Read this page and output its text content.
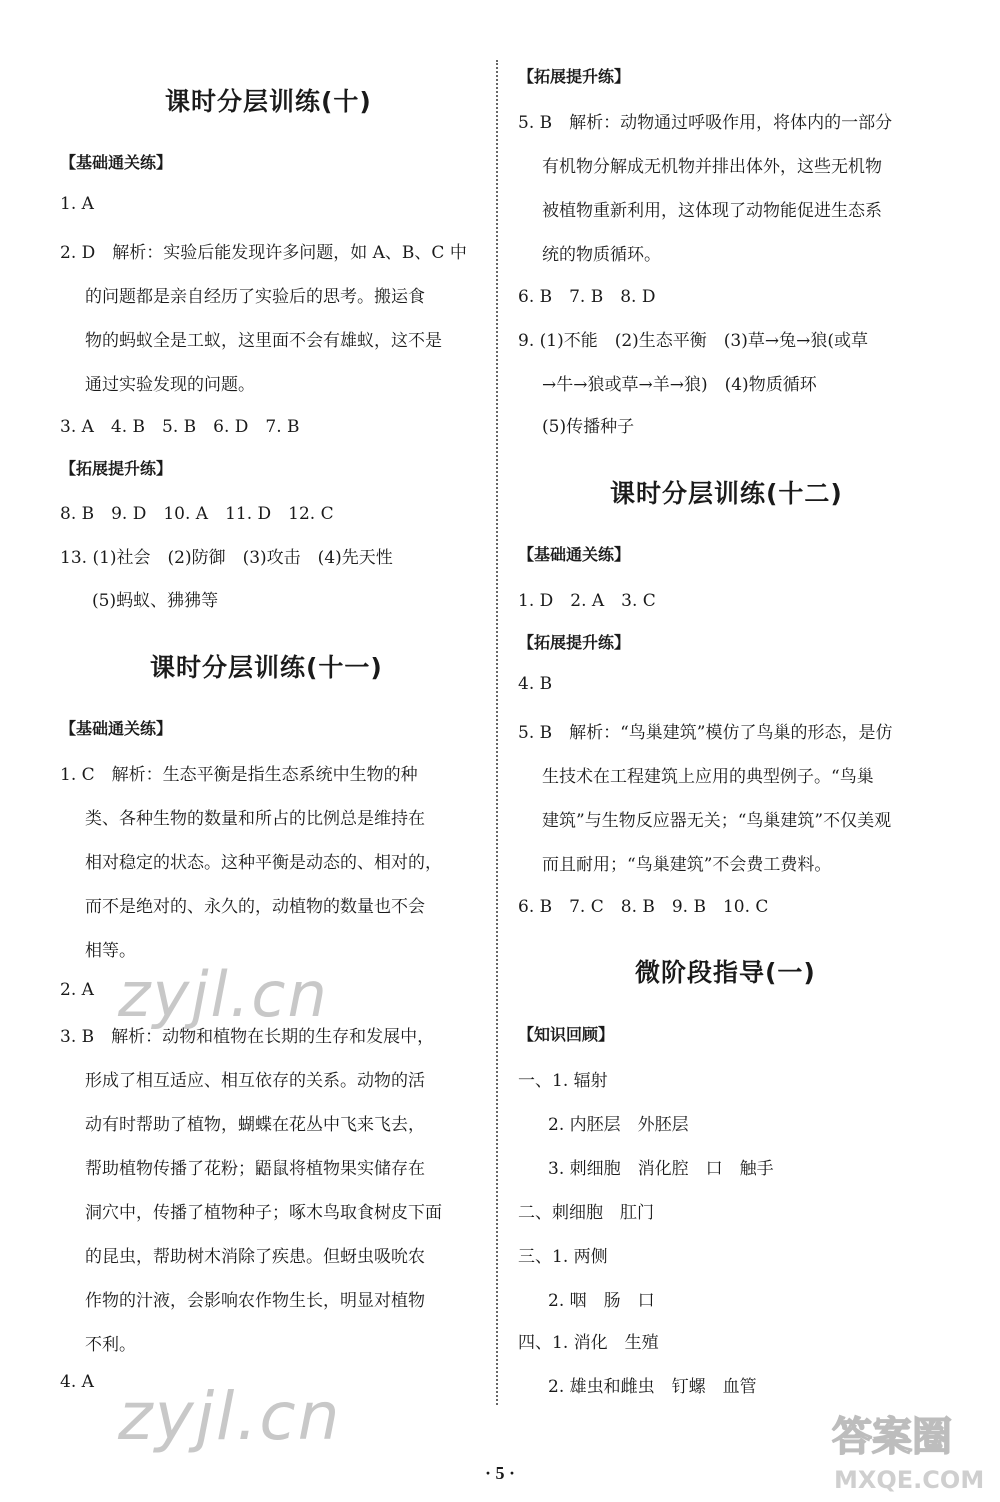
课时分层训练(十)
【基础通关练】
1. A
2. D　解析：实验后能发现许多问题，如 A、B、C 中
的问题都是亲自经历了实验后的思考。搬运食
物的蚂蚁全是工蚁，这里面不会有雄蚁，这不是
通过实验发现的问题。
3. A　4. B　5. B　6. D　7. B
【拓展提升练】
8. B　9. D　10. A　11. D　12. C
13. (1)社会　(2)防御　(3)攻击　(4)先天性
(5)蚂蚁、狒狒等
课时分层训练(十一)
【基础通关练】
1. C　解析：生态平衡是指生态系统中生物的种
类、各种生物的数量和所占的比例总是维持在
相对稳定的状态。这种平衡是动态的、相对的，
而不是绝对的、永久的，动植物的数量也不会
相等。
2. A
3. B　解析：动物和植物在长期的生存和发展中，
形成了相互适应、相互依存的关系。动物的活
动有时帮助了植物，蝴蝶在花丛中飞来飞去，
帮助植物传播了花粉；鼯鼠将植物果实储存在
洞穴中，传播了植物种子；啄木鸟取食树皮下面
的昆虫，帮助树木消除了疾患。但蚜虫吸吮农
作物的汁液，会影响农作物生长，明显对植物
不利。
4. A
【拓展提升练】
5. B　解析：动物通过呼吸作用，将体内的一部分
有机物分解成无机物并排出体外，这些无机物
被植物重新利用，这体现了动物能促进生态系
统的物质循环。
6. B　7. B　8. D
9. (1)不能　(2)生态平衡　(3)草→兔→狼(或草
→牛→狼或草→羊→狼)　(4)物质循环
(5)传播种子
课时分层训练(十二)
【基础通关练】
1. D　2. A　3. C
【拓展提升练】
4. B
5. B　解析：“鸟巢建筑”模仿了鸟巢的形态，是仿
生技术在工程建筑上应用的典型例子。“鸟巢
建筑”与生物反应器无关；“鸟巢建筑”不仅美观
而且耐用；“鸟巢建筑”不会费工费料。
6. B　7. C　8. B　9. B　10. C
微阶段指导(一)
【知识回顾】
一、1. 辐射
2. 内胚层　外胚层
3. 刺细胞　消化腔　口　触手
二、刺细胞　肛门
三、1. 两侧
2. 咽　肠　口
四、1. 消化　生殖
2. 雄虫和雌虫　钉螺　血管
zyjl.cn
zyjl.cn	答案圈
MXQE.COM
· 5 ·
